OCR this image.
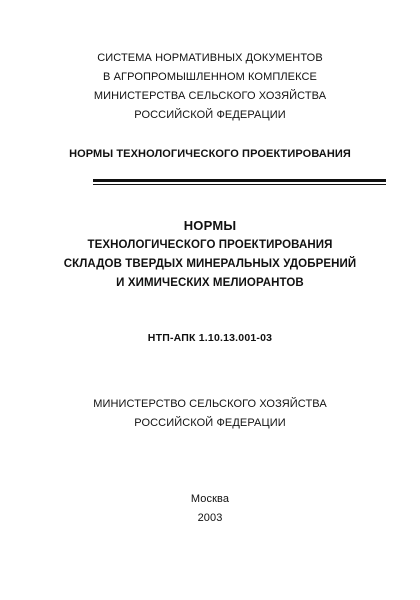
СИСТЕМА НОРМАТИВНЫХ ДОКУМЕНТОВ
В АГРОПРОМЫШЛЕННОМ КОМПЛЕКСЕ
МИНИСТЕРСТВА СЕЛЬСКОГО ХОЗЯЙСТВА
РОССИЙСКОЙ ФЕДЕРАЦИИ
НОРМЫ ТЕХНОЛОГИЧЕСКОГО ПРОЕКТИРОВАНИЯ
НОРМЫ
ТЕХНОЛОГИЧЕСКОГО ПРОЕКТИРОВАНИЯ
СКЛАДОВ ТВЕРДЫХ МИНЕРАЛЬНЫХ УДОБРЕНИЙ
И ХИМИЧЕСКИХ МЕЛИОРАНТОВ
НТП-АПК 1.10.13.001-03
МИНИСТЕРСТВО СЕЛЬСКОГО ХОЗЯЙСТВА
РОССИЙСКОЙ ФЕДЕРАЦИИ
Москва
2003
